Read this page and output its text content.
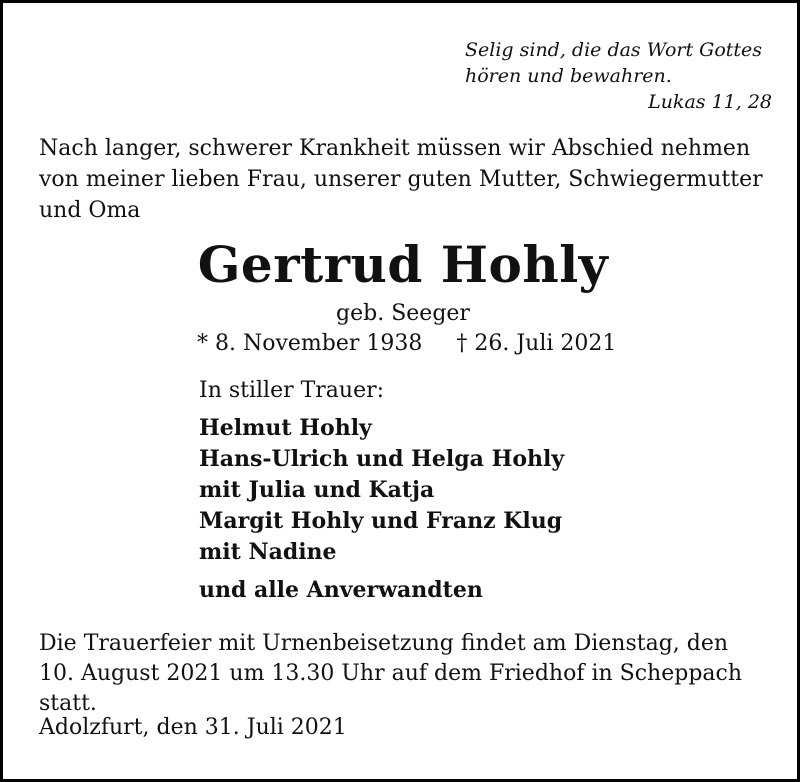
Selig sind, die das Wort Gottes
hören und bewahren.
Lukas 11, 28
Nach langer, schwerer Krankheit müssen wir Abschied nehmen
von meiner lieben Frau, unserer guten Mutter, Schwiegermutter
und Oma
Gertrud Hohly
geb. Seeger
* 8. November 1938 † 26. Juli 2021
In stiller Trauer:
Helmut Hohly
Hans-Ulrich und Helga Hohly
mit Julia und Katja
Margit Hohly und Franz Klug
mit Nadine
und alle Anverwandten
Die Trauerfeier mit Urnenbeisetzung findet am Dienstag, den
10. August 2021 um 13.30 Uhr auf dem Friedhof in Scheppach statt.
Adolzfurt, den 31. Juli 2021
